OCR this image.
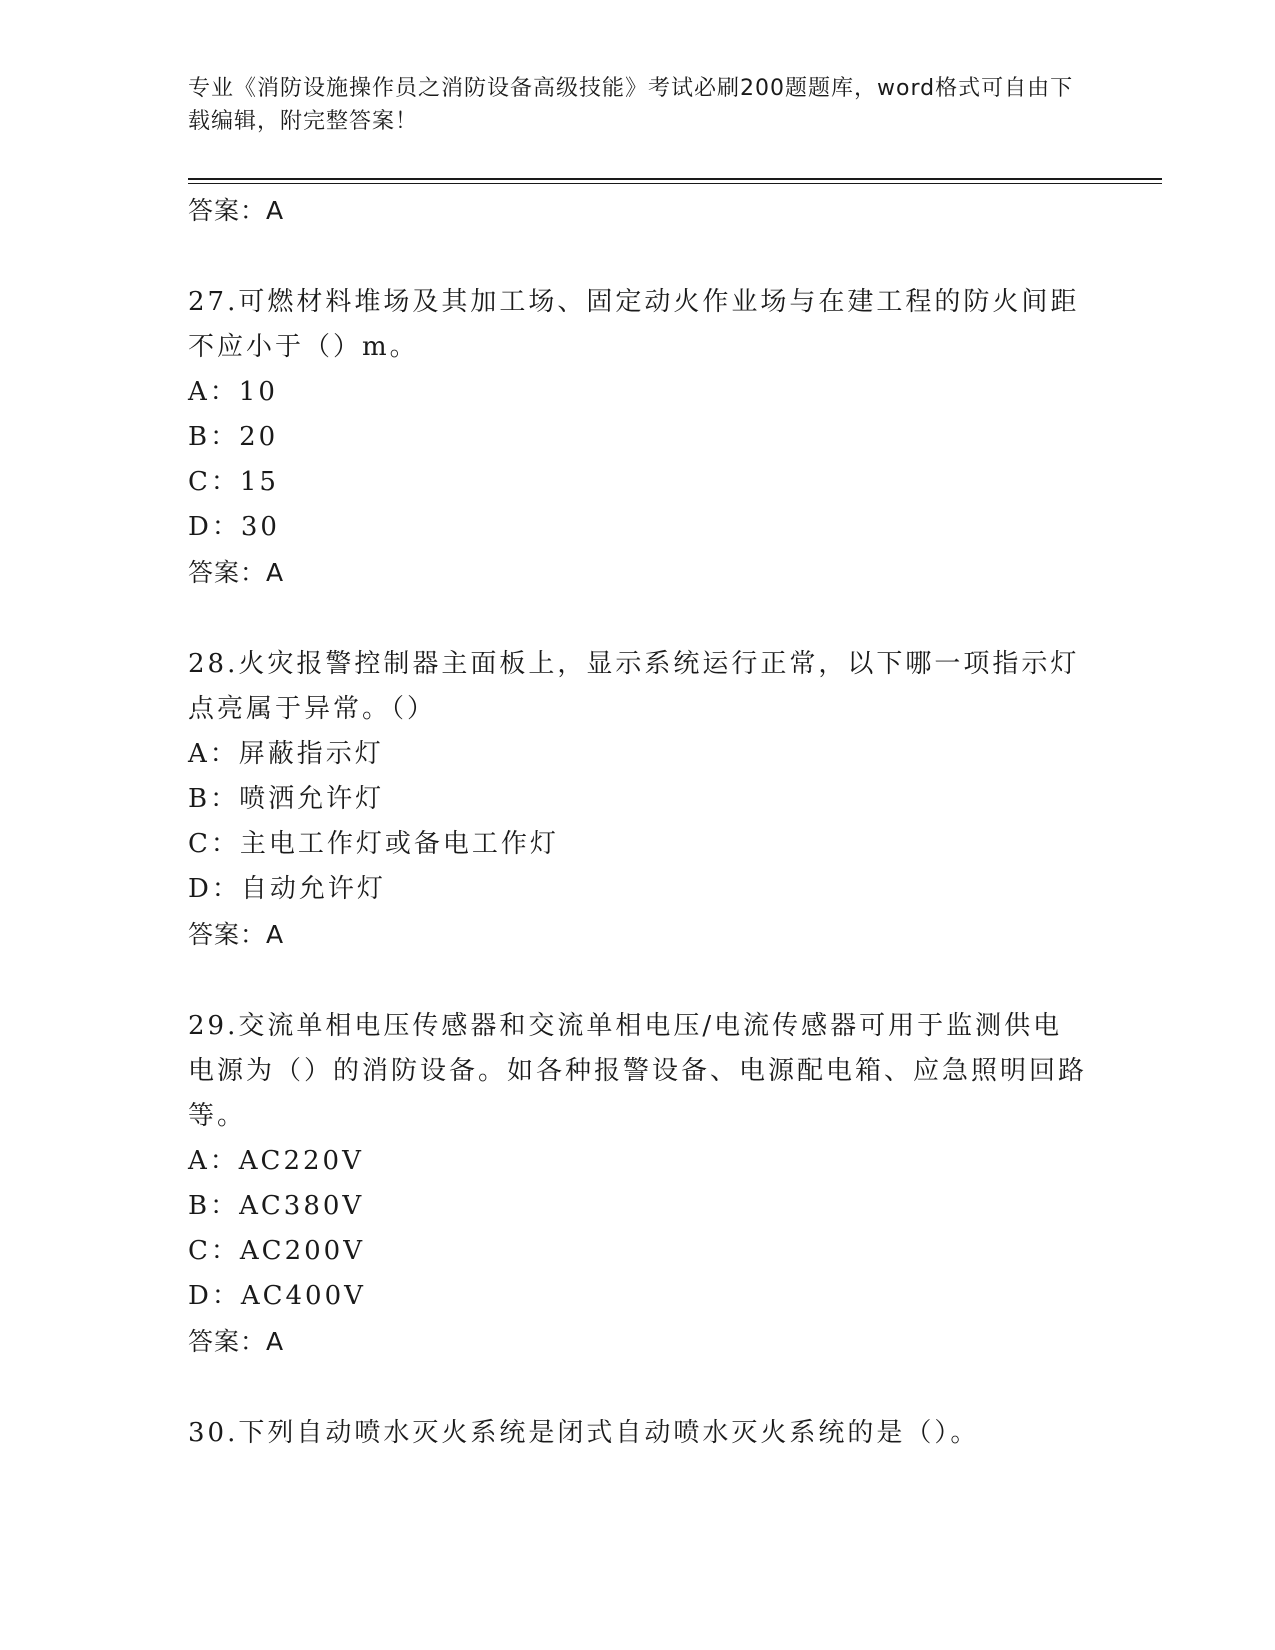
专业《消防设施操作员之消防设备高级技能》考试必刷200题题库，word格式可自由下载编辑，附完整答案！
答案：A

27.可燃材料堆场及其加工场、固定动火作业场与在建工程的防火间距不应小于（）m。

A：10
B：20
C：15
D：30
答案：A

28.火灾报警控制器主面板上，显示系统运行正常，以下哪一项指示灯点亮属于异常。（）

A：屏蔽指示灯
B：喷洒允许灯
C：主电工作灯或备电工作灯
D：自动允许灯
答案：A

29.交流单相电压传感器和交流单相电压/电流传感器可用于监测供电电源为（）的消防设备。如各种报警设备、电源配电箱、应急照明回路等。

A：AC220V
B：AC380V
C：AC200V
D：AC400V
答案：A

30.下列自动喷水灭火系统是闭式自动喷水灭火系统的是（）。
